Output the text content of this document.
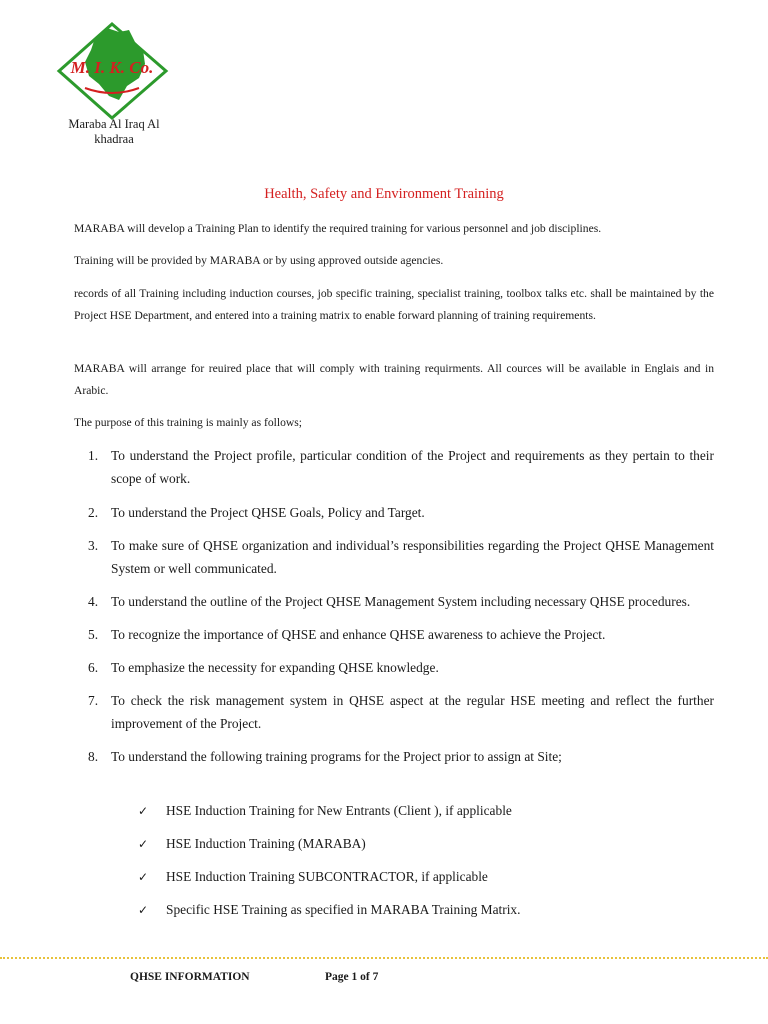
M. I. K. Co.
Maraba Al Iraq Al khadraa
Health, Safety and Environment Training

MARABA will develop a Training Plan to identify the required training for various personnel and job disciplines.

Training will be provided by MARABA or by using approved outside agencies.

records of all Training including induction courses, job specific training, specialist training, toolbox talks etc. shall be maintained by the Project HSE Department, and entered into a training matrix to enable forward planning of training requirements.

MARABA will arrange for reuired place that will comply with training requirments. All cources will be available in Englais and in Arabic.

The purpose of this training is mainly as follows;

1. To understand the Project profile, particular condition of the Project and requirements as they pertain to their scope of work.
2. To understand the Project QHSE Goals, Policy and Target.
3. To make sure of QHSE organization and individual’s responsibilities regarding the Project QHSE Management System or well communicated.
4. To understand the outline of the Project QHSE Management System including necessary QHSE procedures.
5. To recognize the importance of QHSE and enhance QHSE awareness to achieve the Project.
6. To emphasize the necessity for expanding QHSE knowledge.
7. To check the risk management system in QHSE aspect at the regular HSE meeting and reflect the further improvement of the Project.
8. To understand the following training programs for the Project prior to assign at Site;
✓ HSE Induction Training for New Entrants (Client ), if applicable
✓ HSE Induction Training (MARABA)
✓ HSE Induction Training SUBCONTRACTOR, if applicable
✓ Specific HSE Training as specified in MARABA Training Matrix.
QHSE INFORMATION	Page 1 of 7
